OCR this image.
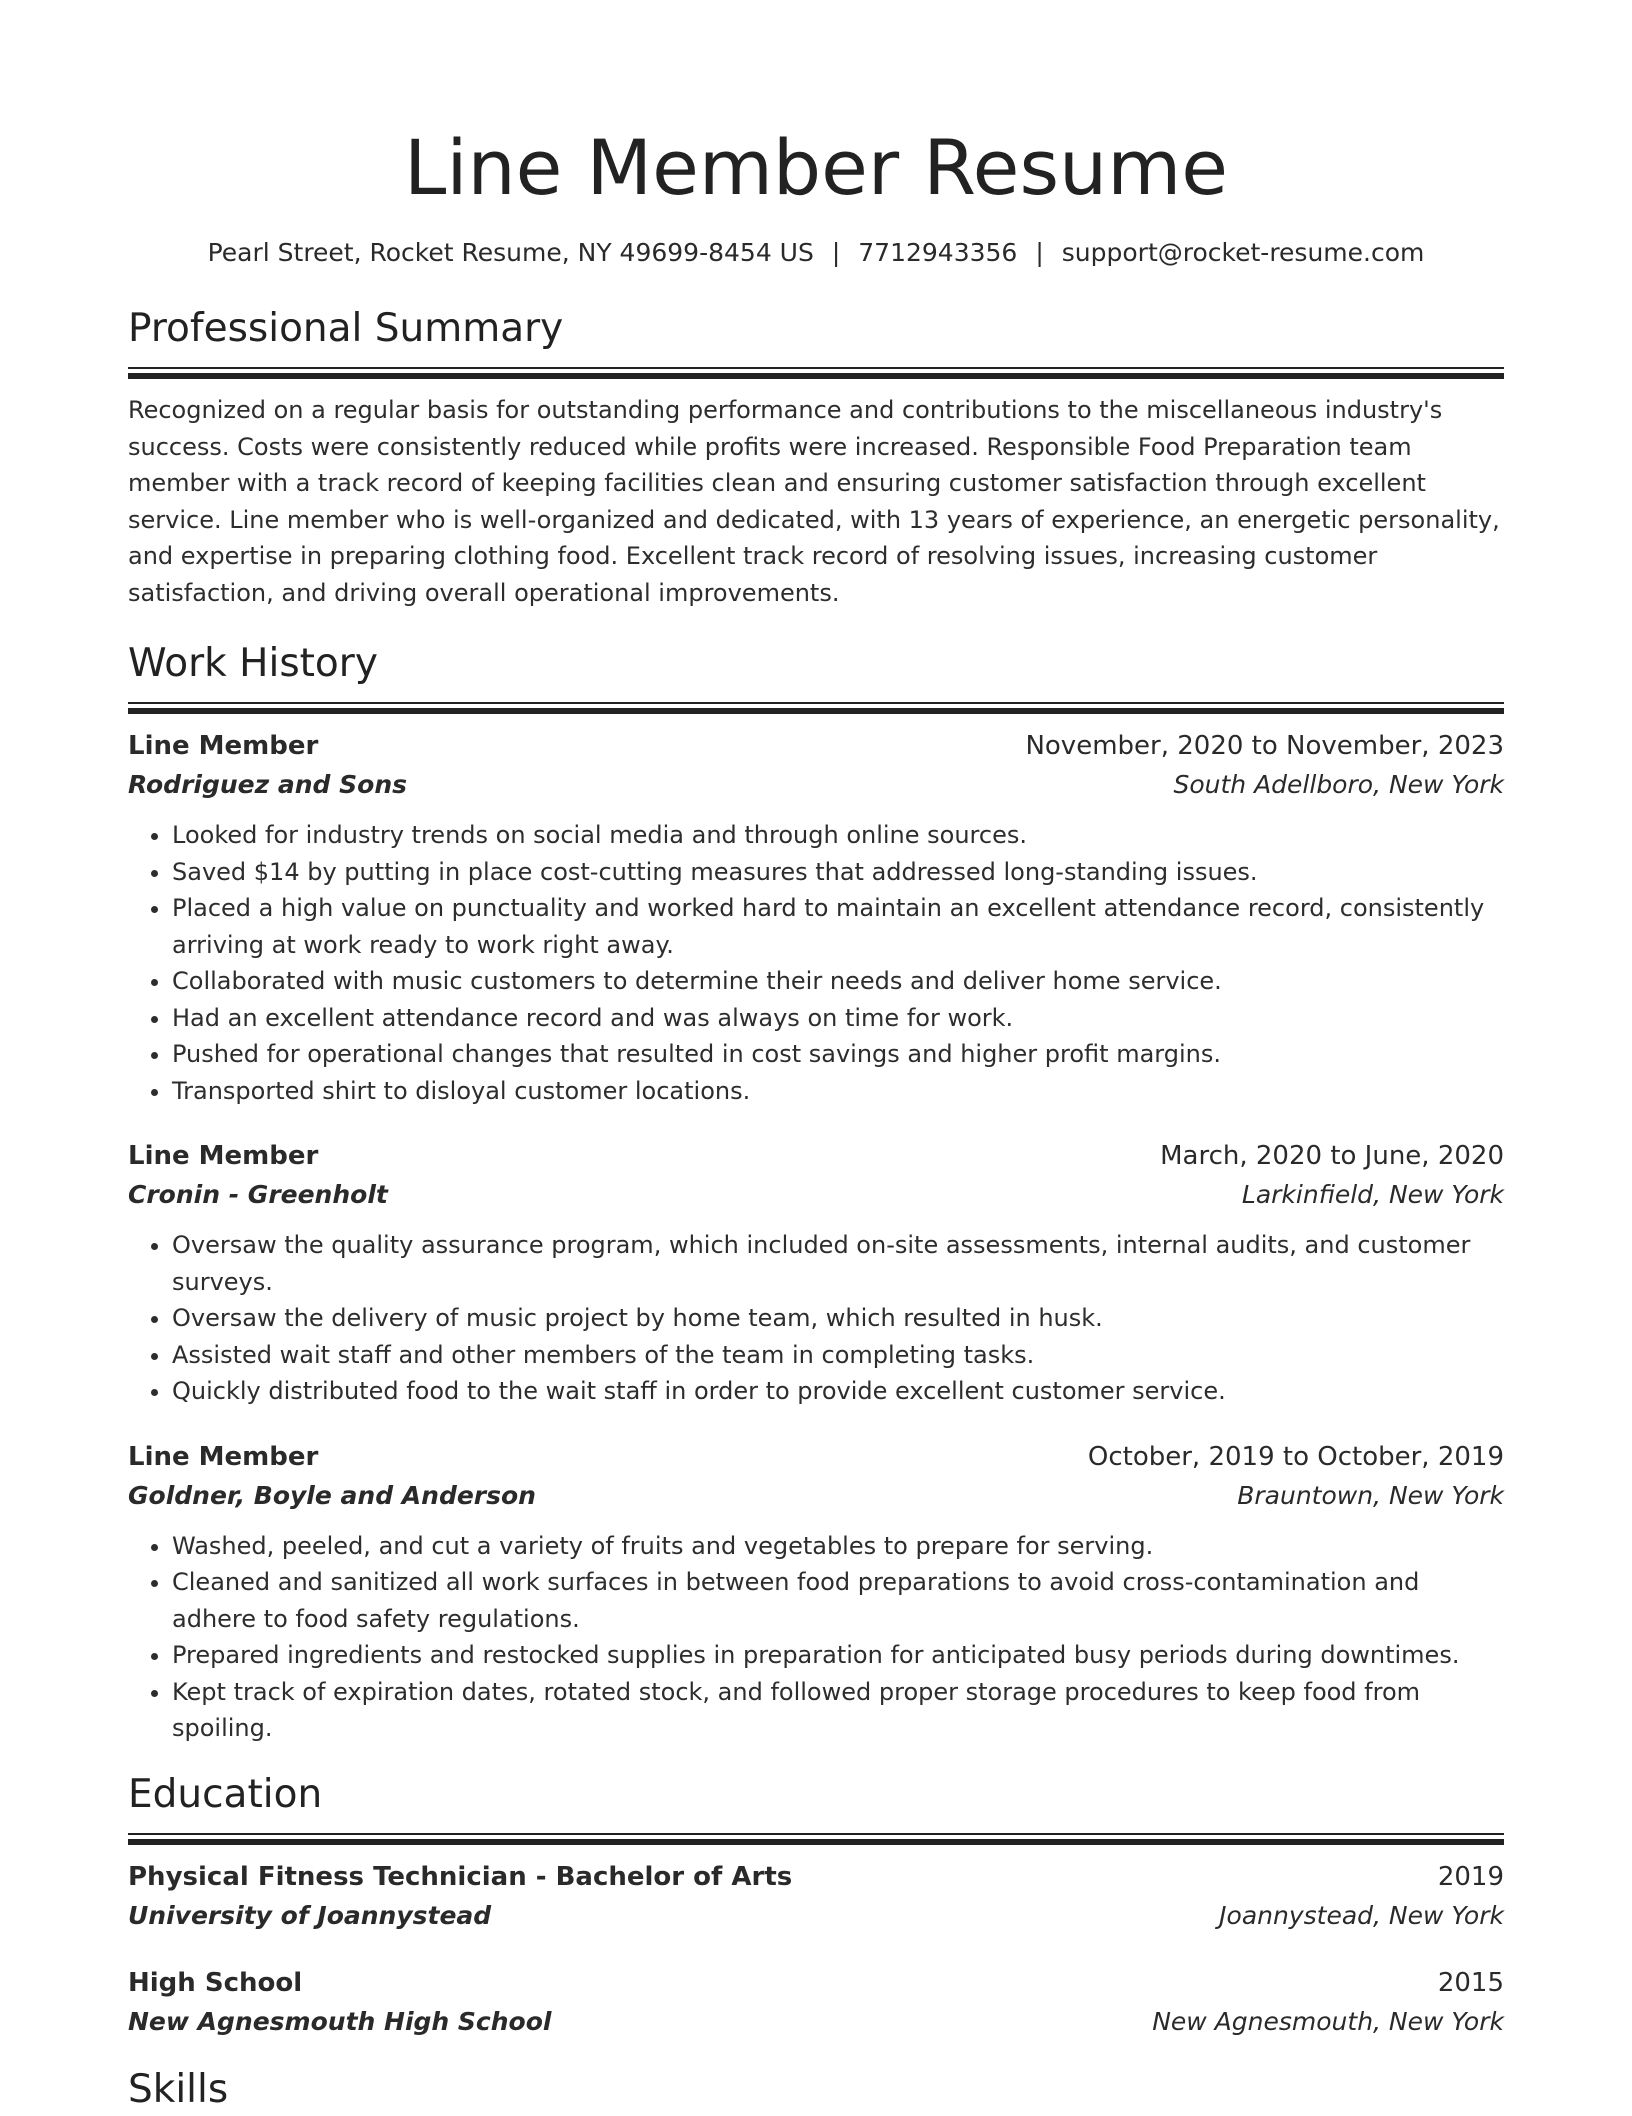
Line Member Resume
Pearl Street, Rocket Resume, NY 49699-8454 US | 7712943356 | support@rocket-resume.com
Professional Summary
Recognized on a regular basis for outstanding performance and contributions to the miscellaneous industry's success. Costs were consistently reduced while profits were increased. Responsible Food Preparation team member with a track record of keeping facilities clean and ensuring customer satisfaction through excellent service. Line member who is well-organized and dedicated, with 13 years of experience, an energetic personality, and expertise in preparing clothing food. Excellent track record of resolving issues, increasing customer satisfaction, and driving overall operational improvements.
Work History
Line Member	November, 2020 to November, 2023
Rodriguez and Sons	South Adellboro, New York
• Looked for industry trends on social media and through online sources.
• Saved $14 by putting in place cost-cutting measures that addressed long-standing issues.
• Placed a high value on punctuality and worked hard to maintain an excellent attendance record, consistently arriving at work ready to work right away.
• Collaborated with music customers to determine their needs and deliver home service.
• Had an excellent attendance record and was always on time for work.
• Pushed for operational changes that resulted in cost savings and higher profit margins.
• Transported shirt to disloyal customer locations.
Line Member	March, 2020 to June, 2020
Cronin - Greenholt	Larkinfield, New York
• Oversaw the quality assurance program, which included on-site assessments, internal audits, and customer surveys.
• Oversaw the delivery of music project by home team, which resulted in husk.
• Assisted wait staff and other members of the team in completing tasks.
• Quickly distributed food to the wait staff in order to provide excellent customer service.
Line Member	October, 2019 to October, 2019
Goldner, Boyle and Anderson	Brauntown, New York
• Washed, peeled, and cut a variety of fruits and vegetables to prepare for serving.
• Cleaned and sanitized all work surfaces in between food preparations to avoid cross-contamination and adhere to food safety regulations.
• Prepared ingredients and restocked supplies in preparation for anticipated busy periods during downtimes.
• Kept track of expiration dates, rotated stock, and followed proper storage procedures to keep food from spoiling.
Education
Physical Fitness Technician - Bachelor of Arts	2019
University of Joannystead	Joannystead, New York
High School	2015
New Agnesmouth High School	New Agnesmouth, New York
Skills
